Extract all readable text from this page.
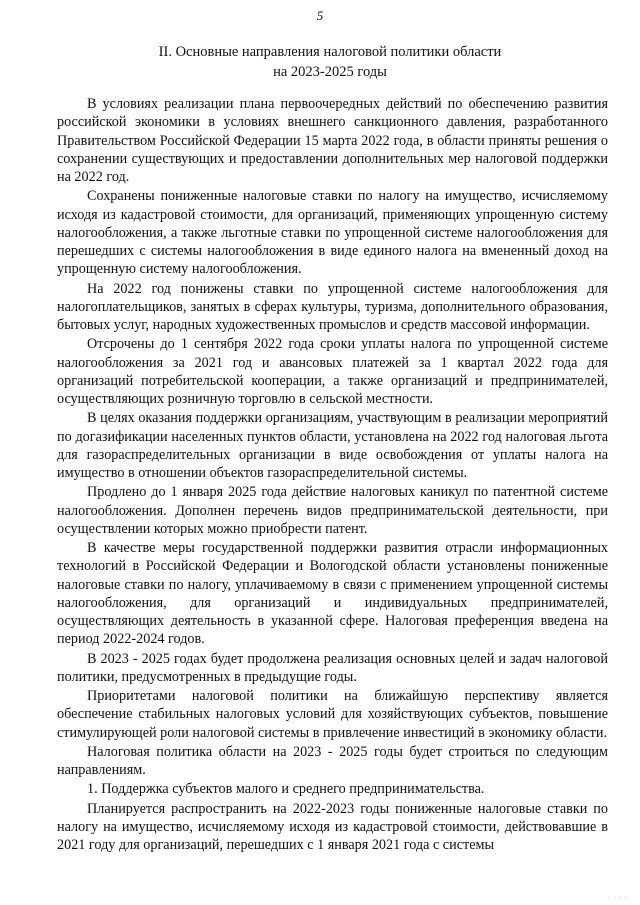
5
II. Основные направления налоговой политики области
на 2023-2025 годы

В условиях реализации плана первоочередных действий по обеспечению развития российской экономики в условиях внешнего санкционного давления, разработанного Правительством Российской Федерации 15 марта 2022 года, в области приняты решения о сохранении существующих и предоставлении дополнительных мер налоговой поддержки на 2022 год.

Сохранены пониженные налоговые ставки по налогу на имущество, исчисляемому исходя из кадастровой стоимости, для организаций, применяющих упрощенную систему налогообложения, а также льготные ставки по упрощенной системе налогообложения для перешедших с системы налогообложения в виде единого налога на вмененный доход на упрощенную систему налогообложения.

На 2022 год понижены ставки по упрощенной системе налогообложения для налогоплательщиков, занятых в сферах культуры, туризма, дополнительного образования, бытовых услуг, народных художественных промыслов и средств массовой информации.

Отсрочены до 1 сентября 2022 года сроки уплаты налога по упрощенной системе налогообложения за 2021 год и авансовых платежей за 1 квартал 2022 года для организаций потребительской кооперации, а также организаций и предпринимателей, осуществляющих розничную торговлю в сельской местности.

В целях оказания поддержки организациям, участвующим в реализации мероприятий по догазификации населенных пунктов области, установлена на 2022 год налоговая льгота для газораспределительных организации в виде освобождения от уплаты налога на имущество в отношении объектов газораспределительной системы.

Продлено до 1 января 2025 года действие налоговых каникул по патентной системе налогообложения. Дополнен перечень видов предпринимательской деятельности, при осуществлении которых можно приобрести патент.

В качестве меры государственной поддержки развития отрасли информационных технологий в Российской Федерации и Вологодской области установлены пониженные налоговые ставки по налогу, уплачиваемому в связи с применением упрощенной системы налогообложения, для организаций и индивидуальных предпринимателей, осуществляющих деятельность в указанной сфере. Налоговая преференция введена на период 2022-2024 годов.

В 2023 - 2025 годах будет продолжена реализация основных целей и задач налоговой политики, предусмотренных в предыдущие годы.

Приоритетами налоговой политики на ближайшую перспективу является обеспечение стабильных налоговых условий для хозяйствующих субъектов, повышение стимулирующей роли налоговой системы в привлечение инвестиций в экономику области.

Налоговая политика области на 2023 - 2025 годы будет строиться по следующим направлениям.

1. Поддержка субъектов малого и среднего предпринимательства.

Планируется распространить на 2022-2023 годы пониженные налоговые ставки по налогу на имущество, исчисляемому исходя из кадастровой стоимости, действовавшие в 2021 году для организаций, перешедших с 1 января 2021 года с системы

· · · ·
